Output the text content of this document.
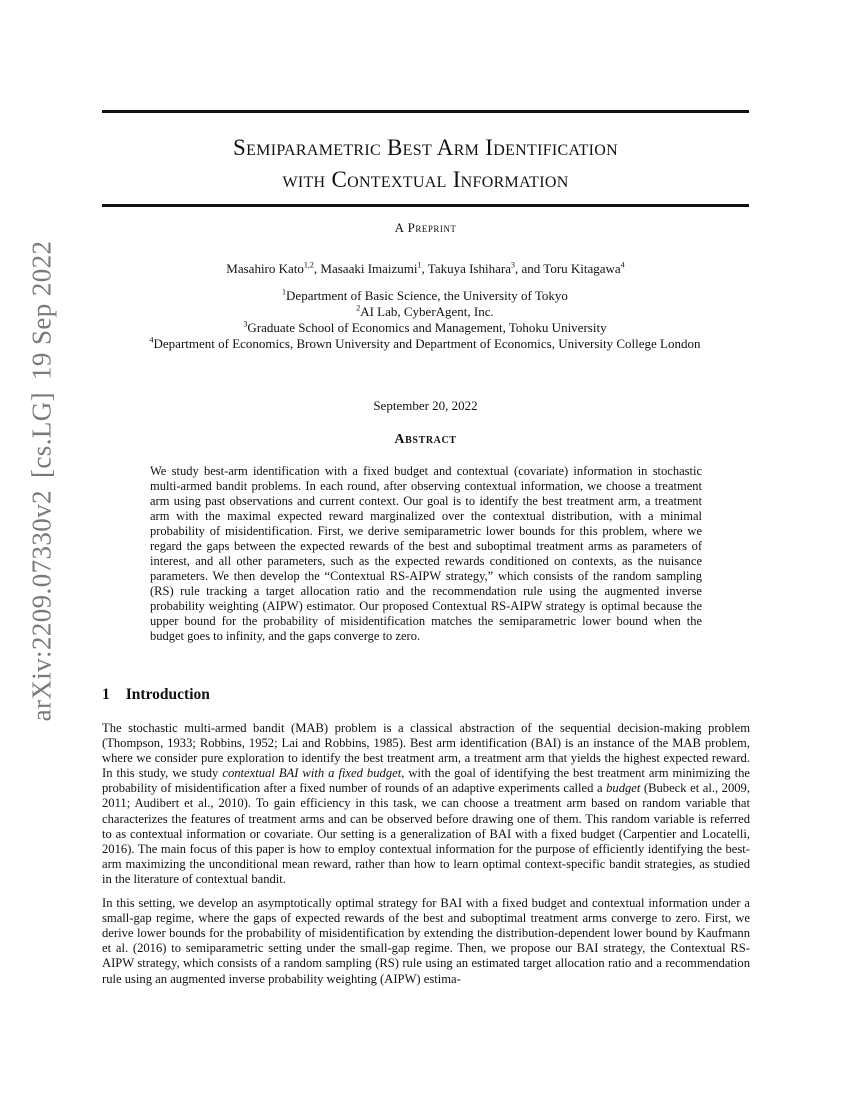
arXiv:2209.07330v2[cs.LG]19 Sep 2022
Semiparametric Best Arm Identification
with Contextual Information
A Preprint
Masahiro Kato$^{1,2}$, Masaaki Imaizumi$^1$, Takuya Ishihara$^3$, and Toru Kitagawa$^4$
$^1$Department of Basic Science, the University of Tokyo
$^2$AI Lab, CyberAgent, Inc.
$^3$Graduate School of Economics and Management, Tohoku University
$^4$Department of Economics, Brown University and Department of Economics, University College London
September 20, 2022
Abstract
We study best-arm identification with a fixed budget and contextual (covariate) information in stochastic multi-armed bandit problems. In each round, after observing contextual information, we choose a treatment arm using past observations and current context. Our goal is to identify the best treatment arm, a treatment arm with the maximal expected reward marginalized over the contextual distribution, with a minimal probability of misidentification. First, we derive semiparametric lower bounds for this problem, where we regard the gaps between the expected rewards of the best and suboptimal treatment arms as parameters of interest, and all other parameters, such as the expected rewards conditioned on contexts, as the nuisance parameters. We then develop the “Contextual RS-AIPW strategy,” which consists of the random sampling (RS) rule tracking a target allocation ratio and the recommendation rule using the augmented inverse probability weighting (AIPW) estimator. Our proposed Contextual RS-AIPW strategy is optimal because the upper bound for the probability of misidentification matches the semiparametric lower bound when the budget goes to infinity, and the gaps converge to zero.
1 Introduction

The stochastic multi-armed bandit (MAB) problem is a classical abstraction of the sequential decision-making problem (Thompson, 1933; Robbins, 1952; Lai and Robbins, 1985). Best arm identification (BAI) is an instance of the MAB problem, where we consider pure exploration to identify the best treatment arm, a treatment arm that yields the highest expected reward. In this study, we study contextual BAI with a fixed budget, with the goal of identifying the best treatment arm minimizing the probability of misidentification after a fixed number of rounds of an adaptive experiments called a budget (Bubeck et al., 2009, 2011; Audibert et al., 2010). To gain efficiency in this task, we can choose a treatment arm based on random variable that characterizes the features of treatment arms and can be observed before drawing one of them. This random variable is referred to as contextual information or covariate. Our setting is a generalization of BAI with a fixed budget (Carpentier and Locatelli, 2016). The main focus of this paper is how to employ contextual information for the purpose of efficiently identifying the best-arm maximizing the unconditional mean reward, rather than how to learn optimal context-specific bandit strategies, as studied in the literature of contextual bandit.

In this setting, we develop an asymptotically optimal strategy for BAI with a fixed budget and contextual information under a small-gap regime, where the gaps of expected rewards of the best and suboptimal treatment arms converge to zero. First, we derive lower bounds for the probability of misidentification by extending the distribution-dependent lower bound by Kaufmann et al. (2016) to semiparametric setting under the small-gap regime. Then, we propose our BAI strategy, the Contextual RS-AIPW strategy, which consists of a random sampling (RS) rule using an estimated target allocation ratio and a recommendation rule using an augmented inverse probability weighting (AIPW) estima-
